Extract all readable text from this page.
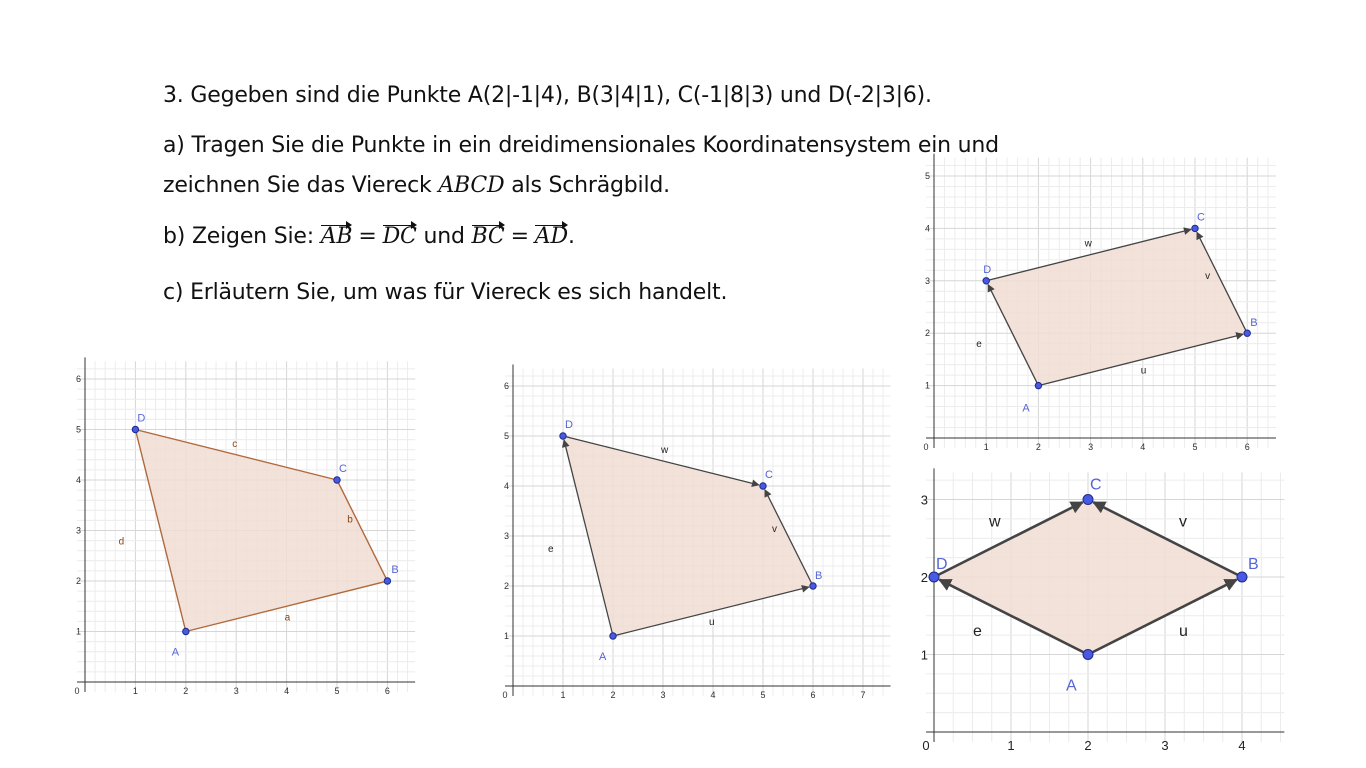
3. Gegeben sind die Punkte A(2|-1|4), B(3|4|1), C(-1|8|3) und D(-2|3|6).

a) Tragen Sie die Punkte in ein dreidimensionales Koordinatensystem ein und

zeichnen Sie das Viereck ABCD als Schrägbild.

b) Zeigen Sie: AB = DC und BC = AD.

c) Erläutern Sie, um was für Viereck es sich handelt.

0	1	2	3	4	5	6
1
2
3
4
5
6
a
b
c
d
A
B
C
D
0	1	2	3	4	5	6	7
1
2
3
4
5
6
u
v
w
e
A
B
C
D
0	1	2	3	4	5	6
1
2
3
4
5
u
v
w
e
A
B
C
D
0	1	2	3	4
1
2
3
u
v
w
e
A
B
C
D
